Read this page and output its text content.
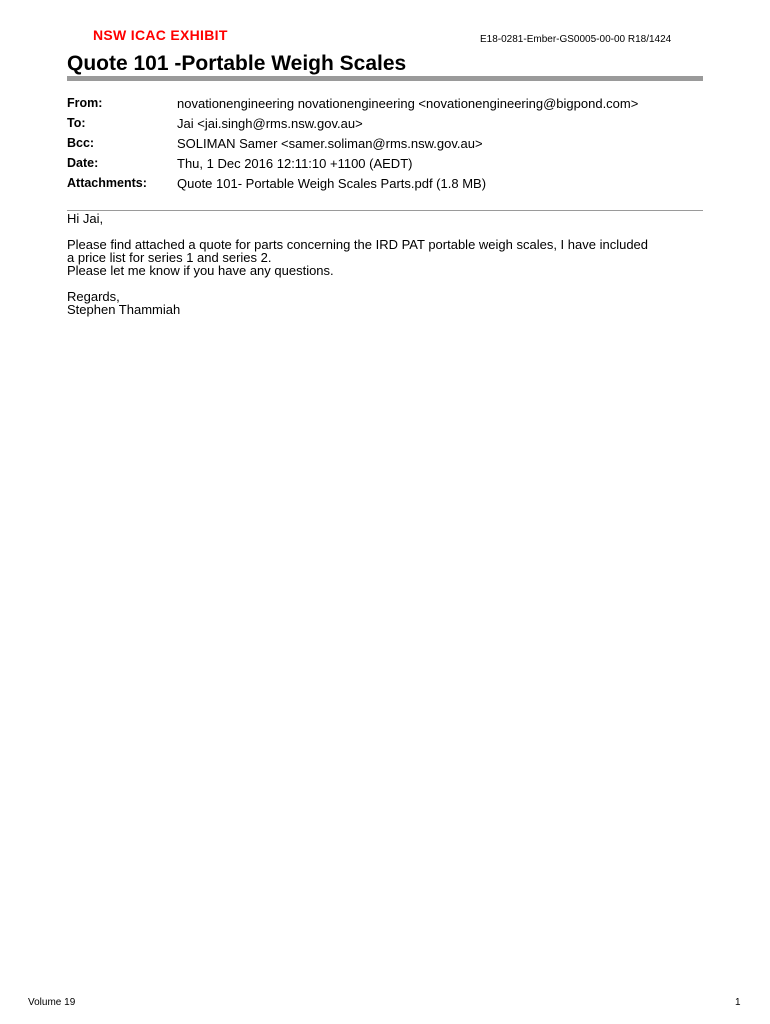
NSW ICAC EXHIBIT	E18-0281-Ember-GS0005-00-00 R18/1424
Quote 101 -Portable Weigh Scales
From:	novationengineering novationengineering <novationengineering@bigpond.com>
To:	Jai <jai.singh@rms.nsw.gov.au>
Bcc:	SOLIMAN Samer <samer.soliman@rms.nsw.gov.au>
Date:	Thu, 1 Dec 2016 12:11:10 +1100 (AEDT)
Attachments:	Quote 101- Portable Weigh Scales Parts.pdf (1.8 MB)

Hi Jai,

Please find attached a quote for parts concerning the IRD PAT portable weigh scales, I have included

a price list for series 1 and series 2.

Please let me know if you have any questions.

Regards,

Stephen Thammiah

Volume 19	1
